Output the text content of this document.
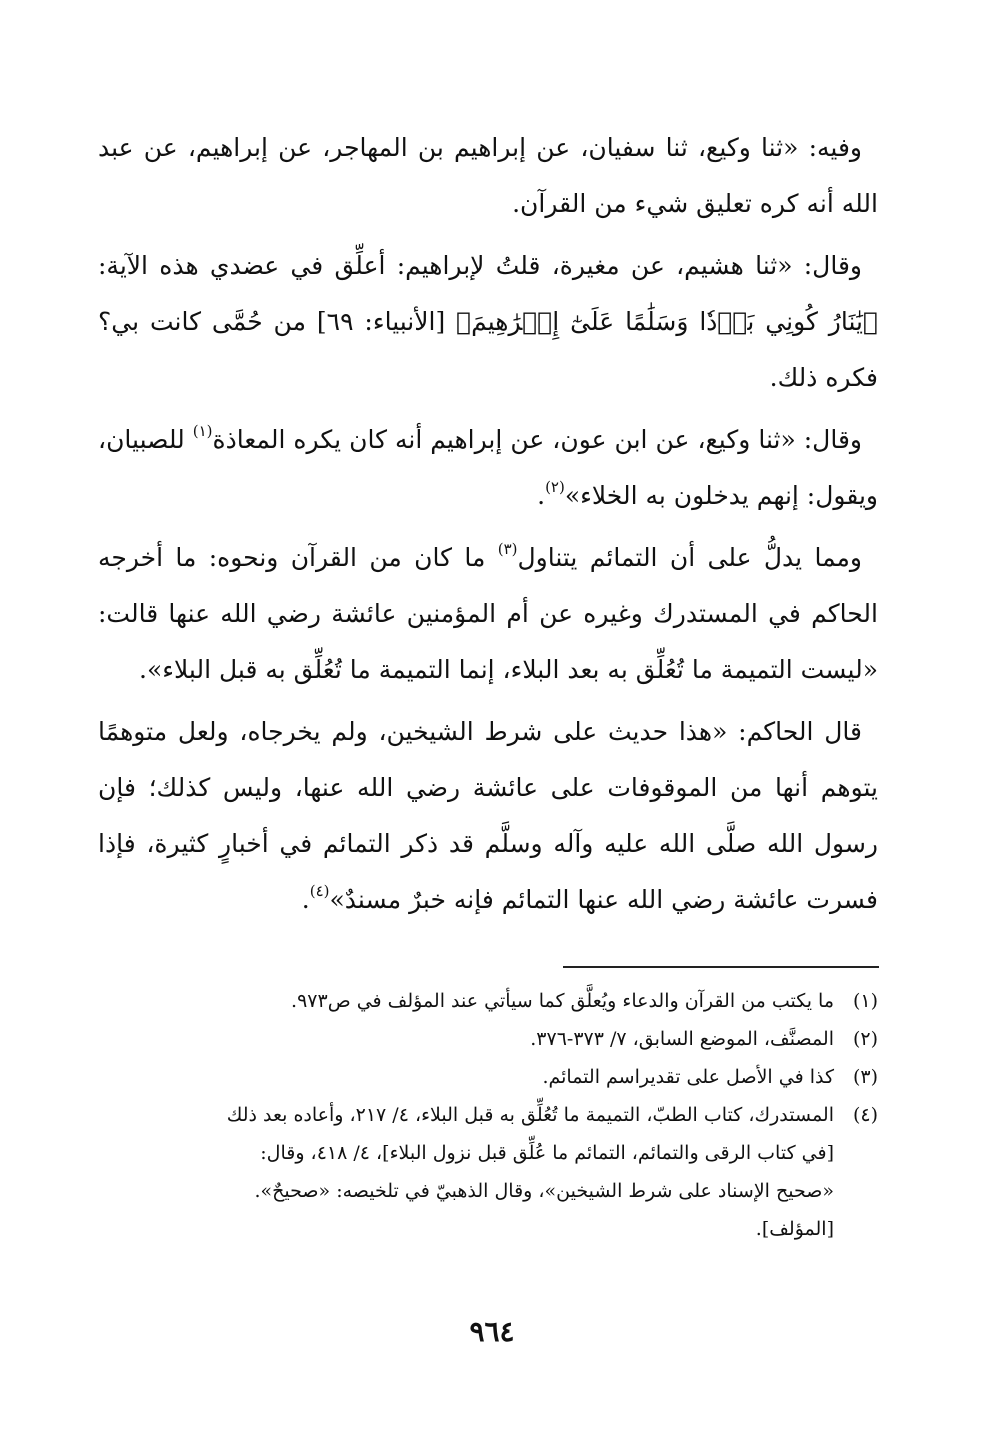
وفيه: «ثنا وكيع، ثنا سفيان، عن إبراهيم بن المهاجر، عن إبراهيم، عن عبد الله أنه كره تعليق شيء من القرآن.

وقال: «ثنا هشيم، عن مغيرة، قلتُ لإبراهيم: أعلِّق في عضدي هذه الآية: ﴿يَٰنَارُ كُونِي بَرۡدٗا وَسَلَٰمًا عَلَىٰٓ إِبۡرَٰهِيمَ﴾ [الأنبياء: ٦٩] من حُمَّى كانت بي؟ فكره ذلك.

وقال: «ثنا وكيع، عن ابن عون، عن إبراهيم أنه كان يكره المعاذة$^{(١)}$ للصبيان، ويقول: إنهم يدخلون به الخلاء»$^{(٢)}$.

ومما يدلُّ على أن التمائم يتناول$^{(٣)}$ ما كان من القرآن ونحوه: ما أخرجه الحاكم في المستدرك وغيره عن أم المؤمنين عائشة رضي الله عنها قالت: «ليست التميمة ما تُعُلِّق به بعد البلاء، إنما التميمة ما تُعُلِّق به قبل البلاء».

قال الحاكم: «هذا حديث على شرط الشيخين، ولم يخرجاه، ولعل متوهمًا يتوهم أنها من الموقوفات على عائشة رضي الله عنها، وليس كذلك؛ فإن رسول الله صلَّى الله عليه وآله وسلَّم قد ذكر التمائم في أخبارٍ كثيرة، فإذا فسرت عائشة رضي الله عنها التمائم فإنه خبرٌ مسندٌ»$^{(٤)}$.

(١)
ما يكتب من القرآن والدعاء ويُعلَّق كما سيأتي عند المؤلف في ص٩٧٣.
(٢)
المصنَّف، الموضع السابق، ٧/ ٣٧٣-٣٧٦.
(٣)
كذا في الأصل على تقديراسم التمائم.
(٤)
المستدرك، كتاب الطبّ، التميمة ما تُعُلِّق به قبل البلاء، ٤/ ٢١٧، وأعاده بعد ذلك
[في كتاب الرقى والتمائم، التمائم ما عُلِّق قبل نزول البلاء]، ٤/ ٤١٨، وقال:
«صحيح الإسناد على شرط الشيخين»، وقال الذهبيّ في تلخيصه: «صحيحٌ».
[المؤلف].
٩٦٤
